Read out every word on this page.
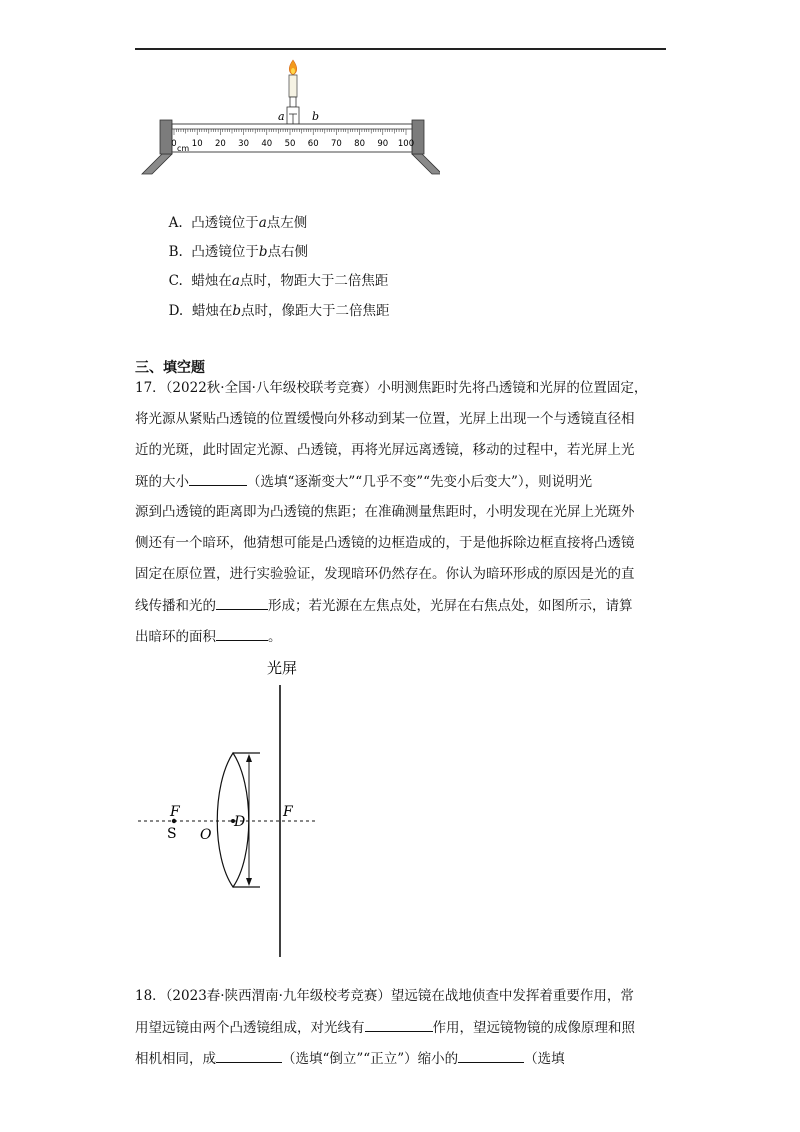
a b
0 10 20 30 40 50 60 70 80 90 100
cm

A. 凸透镜位于a点左侧

B. 凸透镜位于b点右侧

C. 蜡烛在a点时，物距大于二倍焦距

D. 蜡烛在b点时，像距大于二倍焦距

三、填空题
17．（2022秋·全国·八年级校联考竞赛）小明测焦距时先将凸透镜和光屏的位置固定，
将光源从紧贴凸透镜的位置缓慢向外移动到某一位置，光屏上出现一个与透镜直径相
近的光斑，此时固定光源、凸透镜，再将光屏远离透镜，移动的过程中，若光屏上光
斑的大小	（选填“逐渐变大”“几乎不变”“先变小后变大”），则说明光
源到凸透镜的距离即为凸透镜的焦距；在准确测量焦距时，小明发现在光屏上光斑外
侧还有一个暗环，他猜想可能是凸透镜的边框造成的，于是他拆除边框直接将凸透镜
固定在原位置，进行实验验证，发现暗环仍然存在。你认为暗环形成的原因是光的直
线传播和光的	形成；若光源在左焦点处，光屏在右焦点处，如图所示，请算
出暗环的面积	。
光屏
F
S O
D
F
18．（2023春·陕西渭南·九年级校考竞赛）望远镜在战地侦查中发挥着重要作用，常
用望远镜由两个凸透镜组成，对光线有	作用，望远镜物镜的成像原理和照
相机相同，成	（选填“倒立”“正立”）缩小的	（选填
